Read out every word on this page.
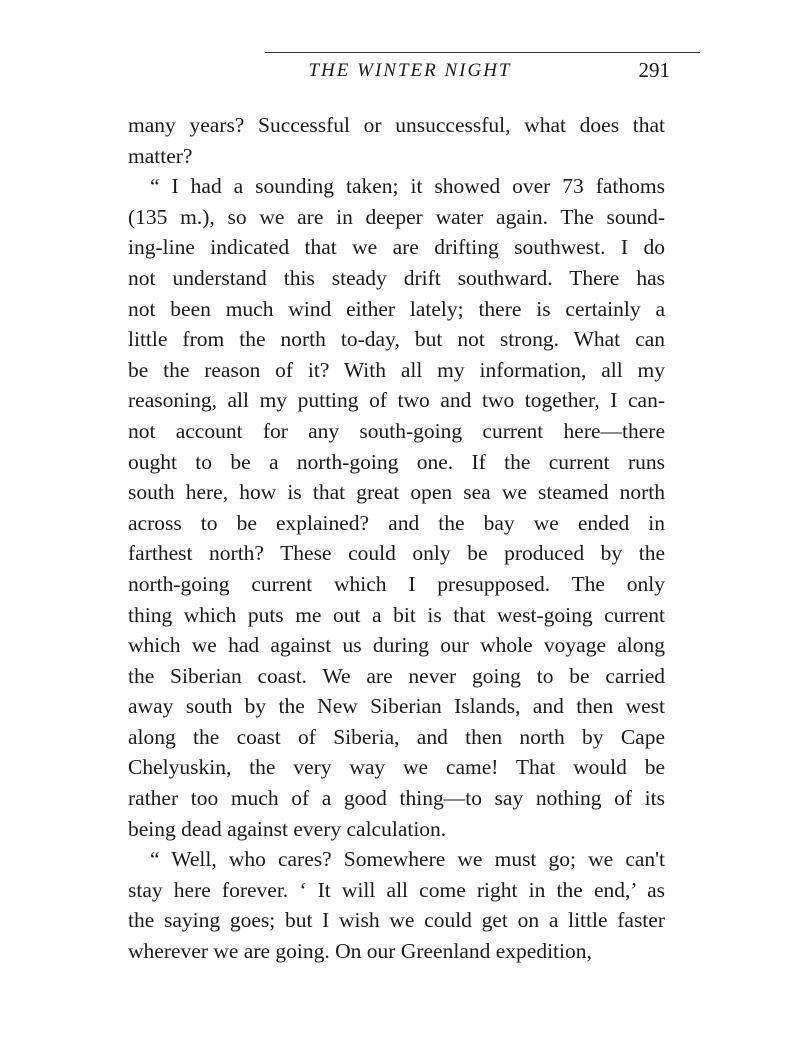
THE WINTER NIGHT	291
many years? Successful or unsuccessful, what does that
matter?
“ I had a sounding taken; it showed over 73 fathoms
(135 m.), so we are in deeper water again. The sound-
ing-line indicated that we are drifting southwest. I do
not understand this steady drift southward. There has
not been much wind either lately; there is certainly a
little from the north to-day, but not strong. What can
be the reason of it? With all my information, all my
reasoning, all my putting of two and two together, I can-
not account for any south-going current here—there
ought to be a north-going one. If the current runs
south here, how is that great open sea we steamed north
across to be explained? and the bay we ended in
farthest north? These could only be produced by the
north-going current which I presupposed. The only
thing which puts me out a bit is that west-going current
which we had against us during our whole voyage along
the Siberian coast. We are never going to be carried
away south by the New Siberian Islands, and then west
along the coast of Siberia, and then north by Cape
Chelyuskin, the very way we came! That would be
rather too much of a good thing—to say nothing of its
being dead against every calculation.
“ Well, who cares? Somewhere we must go; we can't
stay here forever. ‘ It will all come right in the end,’ as
the saying goes; but I wish we could get on a little faster
wherever we are going. On our Greenland expedition,
